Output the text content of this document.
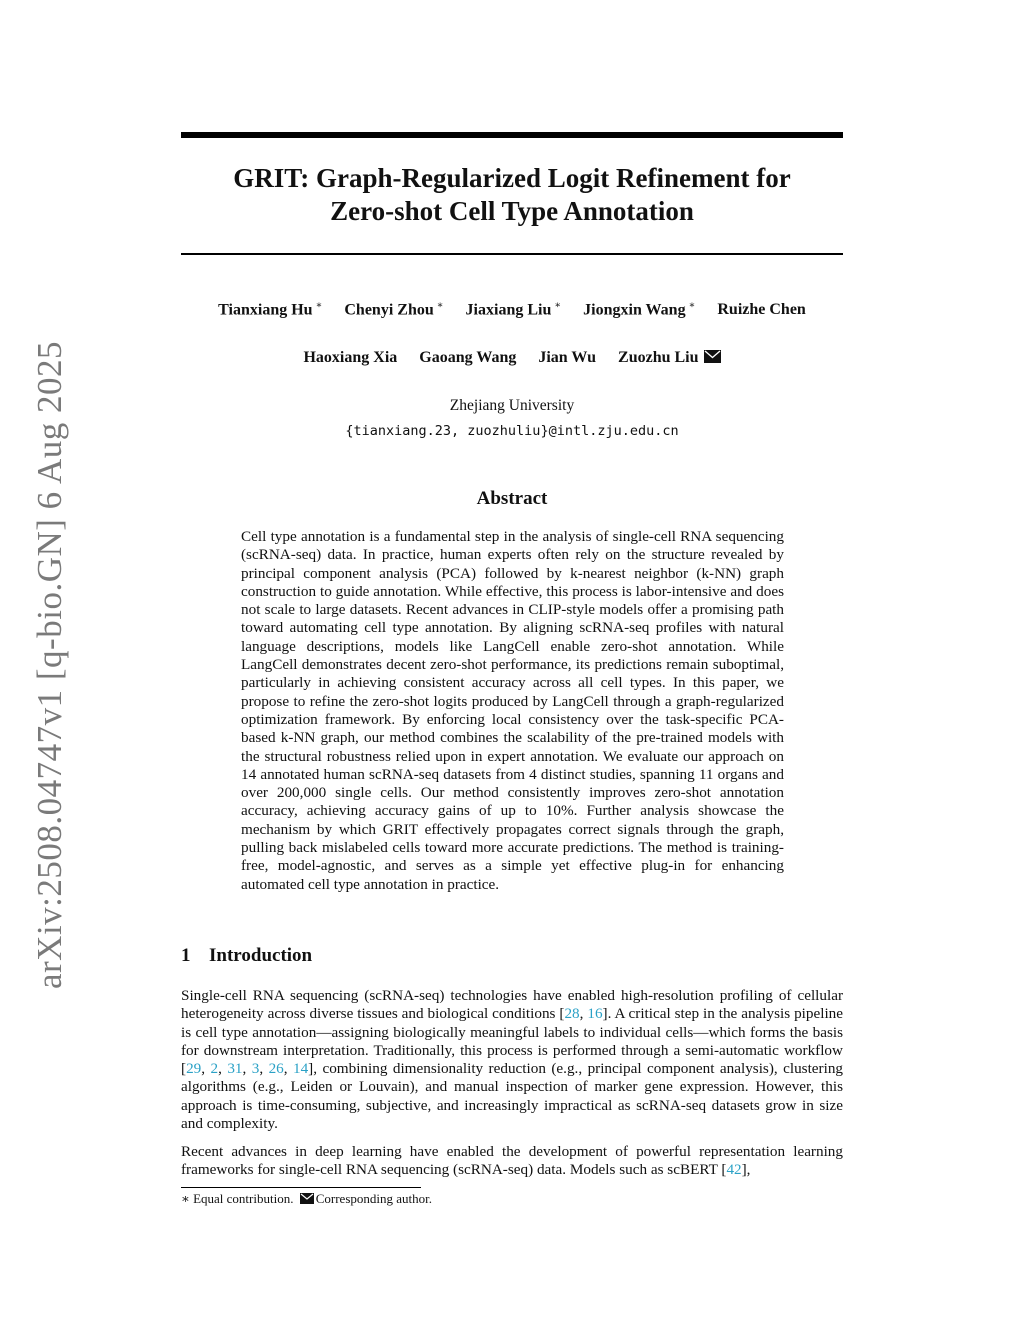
arXiv:2508.04747v1 [q-bio.GN] 6 Aug 2025
GRIT: Graph-Regularized Logit Refinement for
Zero-shot Cell Type Annotation
Tianxiang Hu ∗ Chenyi Zhou ∗ Jiaxiang Liu ∗ Jiongxin Wang ∗ Ruizhe Chen
Haoxiang Xia Gaoang Wang Jian Wu Zuozhu Liu
Zhejiang University
{tianxiang.23, zuozhuliu}@intl.zju.edu.cn
Abstract

Cell type annotation is a fundamental step in the analysis of single-cell RNA sequencing (scRNA-seq) data. In practice, human experts often rely on the structure revealed by principal component analysis (PCA) followed by k-nearest neighbor (k-NN) graph construction to guide annotation. While effective, this process is labor-intensive and does not scale to large datasets. Recent advances in CLIP-style models offer a promising path toward automating cell type annotation. By aligning scRNA-seq profiles with natural language descriptions, models like LangCell enable zero-shot annotation. While LangCell demonstrates decent zero-shot performance, its predictions remain suboptimal, particularly in achieving consistent accuracy across all cell types. In this paper, we propose to refine the zero-shot logits produced by LangCell through a graph-regularized optimization framework. By enforcing local consistency over the task-specific PCA-based k-NN graph, our method combines the scalability of the pre-trained models with the structural robustness relied upon in expert annotation. We evaluate our approach on 14 annotated human scRNA-seq datasets from 4 distinct studies, spanning 11 organs and over 200,000 single cells. Our method consistently improves zero-shot annotation accuracy, achieving accuracy gains of up to 10%. Further analysis showcase the mechanism by which GRIT effectively propagates correct signals through the graph, pulling back mislabeled cells toward more accurate predictions. The method is training-free, model-agnostic, and serves as a simple yet effective plug-in for enhancing automated cell type annotation in practice.

1 Introduction

Single-cell RNA sequencing (scRNA-seq) technologies have enabled high-resolution profiling of cellular heterogeneity across diverse tissues and biological conditions [28, 16]. A critical step in the analysis pipeline is cell type annotation—assigning biologically meaningful labels to individual cells—which forms the basis for downstream interpretation. Traditionally, this process is performed through a semi-automatic workflow [29, 2, 31, 3, 26, 14], combining dimensionality reduction (e.g., principal component analysis), clustering algorithms (e.g., Leiden or Louvain), and manual inspection of marker gene expression. However, this approach is time-consuming, subjective, and increasingly impractical as scRNA-seq datasets grow in size and complexity.

Recent advances in deep learning have enabled the development of powerful representation learning frameworks for single-cell RNA sequencing (scRNA-seq) data. Models such as scBERT [42],

∗ Equal contribution. Corresponding author.
